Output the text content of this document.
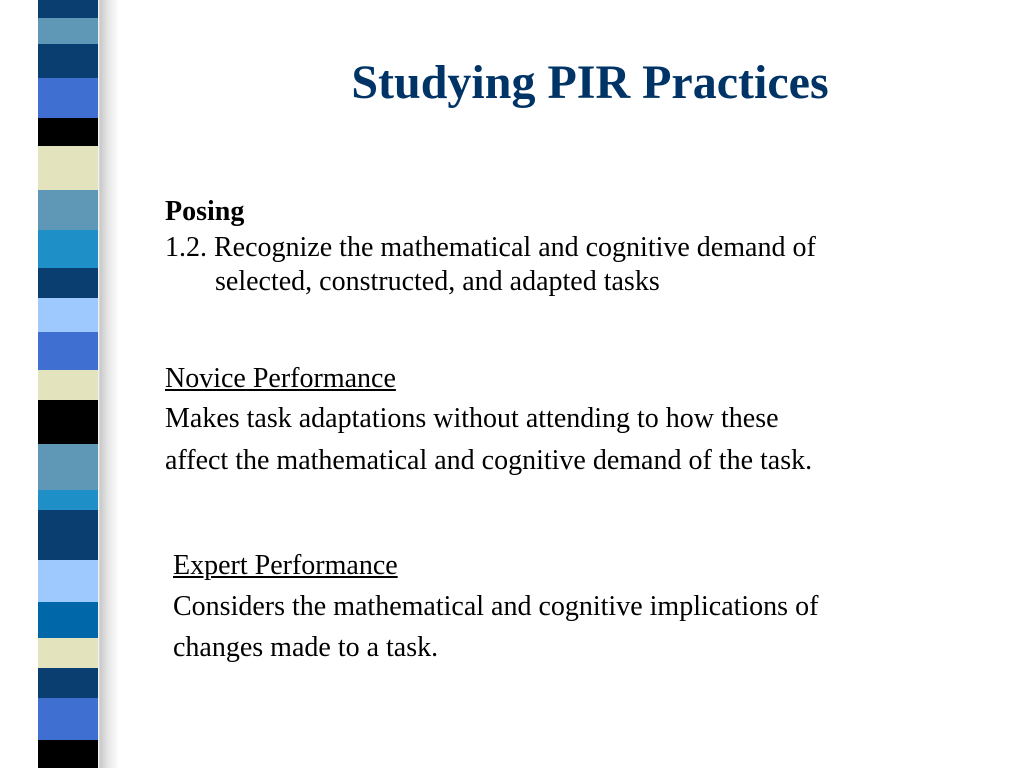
Studying PIR Practices

Posing

1.2. Recognize the mathematical and cognitive demand of

selected, constructed, and adapted tasks

Novice Performance

Makes task adaptations without attending to how these

affect the mathematical and cognitive demand of the task.

Expert Performance

Considers the mathematical and cognitive implications of

changes made to a task.
